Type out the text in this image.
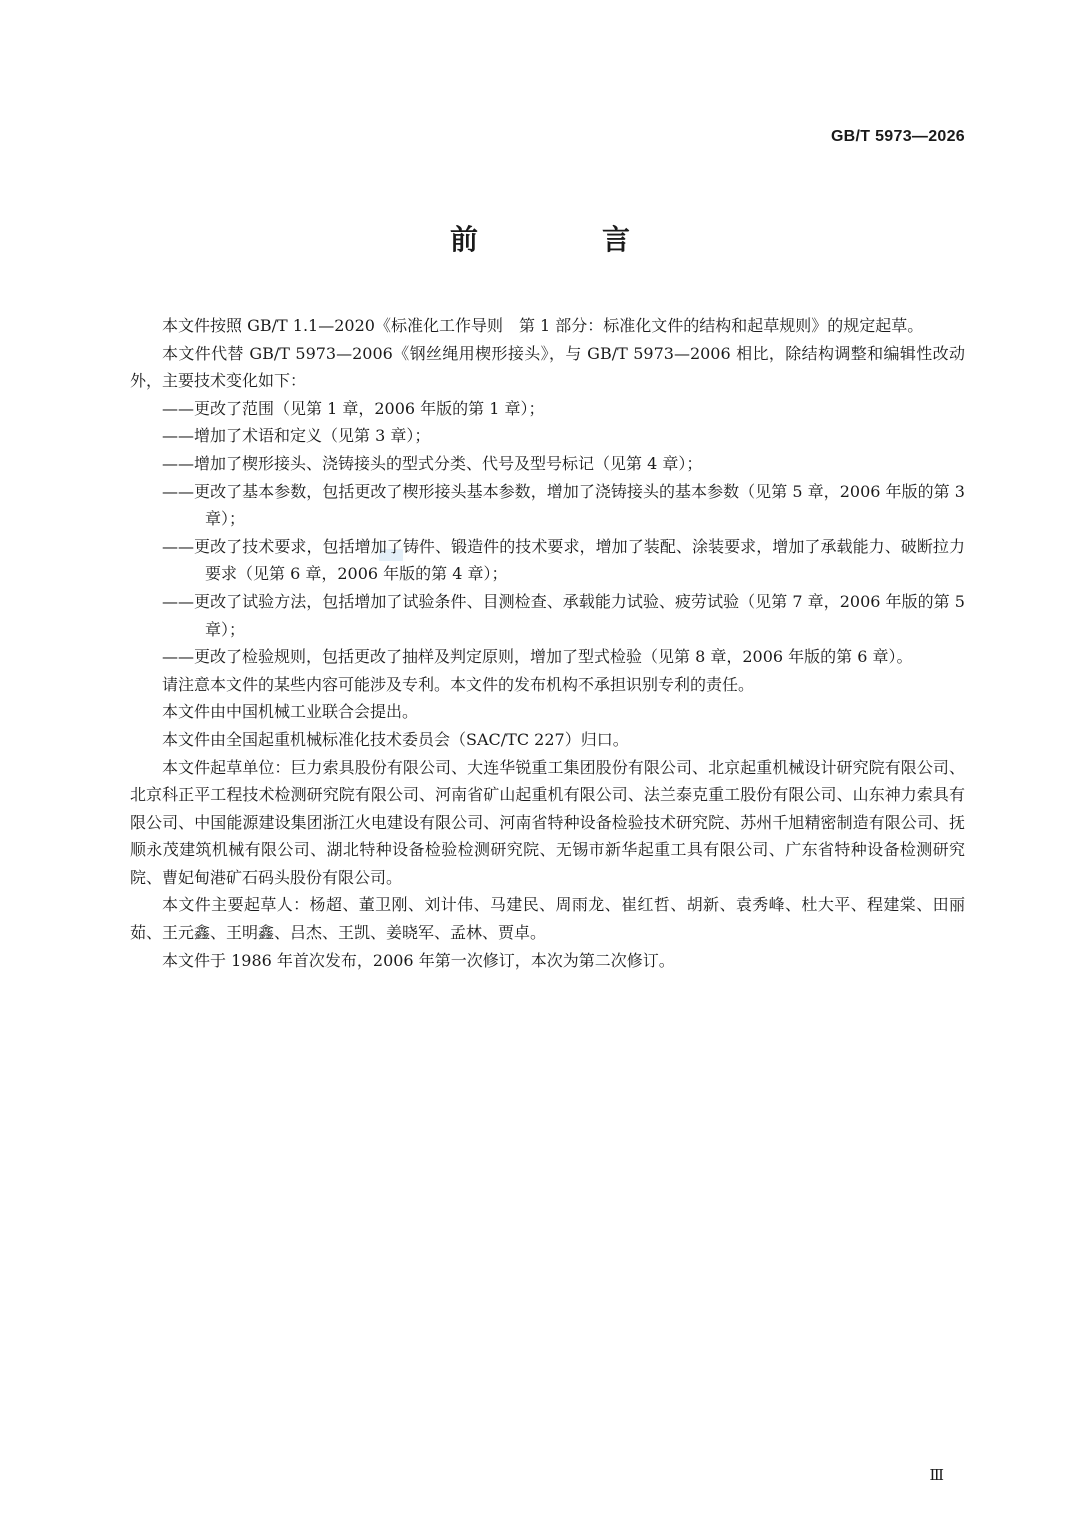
GB/T 5973—2026
前　言

本文件按照 GB/T 1.1—2020《标准化工作导则　第 1 部分：标准化文件的结构和起草规则》的规定起草。

本文件代替 GB/T 5973—2006《钢丝绳用楔形接头》，与 GB/T 5973—2006 相比，除结构调整和编辑性改动外，主要技术变化如下：

——更改了范围（见第 1 章，2006 年版的第 1 章）；

——增加了术语和定义（见第 3 章）；

——增加了楔形接头、浇铸接头的型式分类、代号及型号标记（见第 4 章）；

——更改了基本参数，包括更改了楔形接头基本参数，增加了浇铸接头的基本参数（见第 5 章，2006 年版的第 3 章）；

——更改了技术要求，包括增加了铸件、锻造件的技术要求，增加了装配、涂装要求，增加了承载能力、破断拉力要求（见第 6 章，2006 年版的第 4 章）；

——更改了试验方法，包括增加了试验条件、目测检查、承载能力试验、疲劳试验（见第 7 章，2006 年版的第 5 章）；

——更改了检验规则，包括更改了抽样及判定原则，增加了型式检验（见第 8 章，2006 年版的第 6 章）。

请注意本文件的某些内容可能涉及专利。本文件的发布机构不承担识别专利的责任。

本文件由中国机械工业联合会提出。

本文件由全国起重机械标准化技术委员会（SAC/TC 227）归口。

本文件起草单位：巨力索具股份有限公司、大连华锐重工集团股份有限公司、北京起重机械设计研究院有限公司、北京科正平工程技术检测研究院有限公司、河南省矿山起重机有限公司、法兰泰克重工股份有限公司、山东神力索具有限公司、中国能源建设集团浙江火电建设有限公司、河南省特种设备检验技术研究院、苏州千旭精密制造有限公司、抚顺永茂建筑机械有限公司、湖北特种设备检验检测研究院、无锡市新华起重工具有限公司、广东省特种设备检测研究院、曹妃甸港矿石码头股份有限公司。

本文件主要起草人：杨超、董卫刚、刘计伟、马建民、周雨龙、崔红哲、胡新、袁秀峰、杜大平、程建棠、田丽茹、王元鑫、王明鑫、吕杰、王凯、姜晓军、孟林、贾卓。

本文件于 1986 年首次发布，2006 年第一次修订，本次为第二次修订。

Ⅲ
